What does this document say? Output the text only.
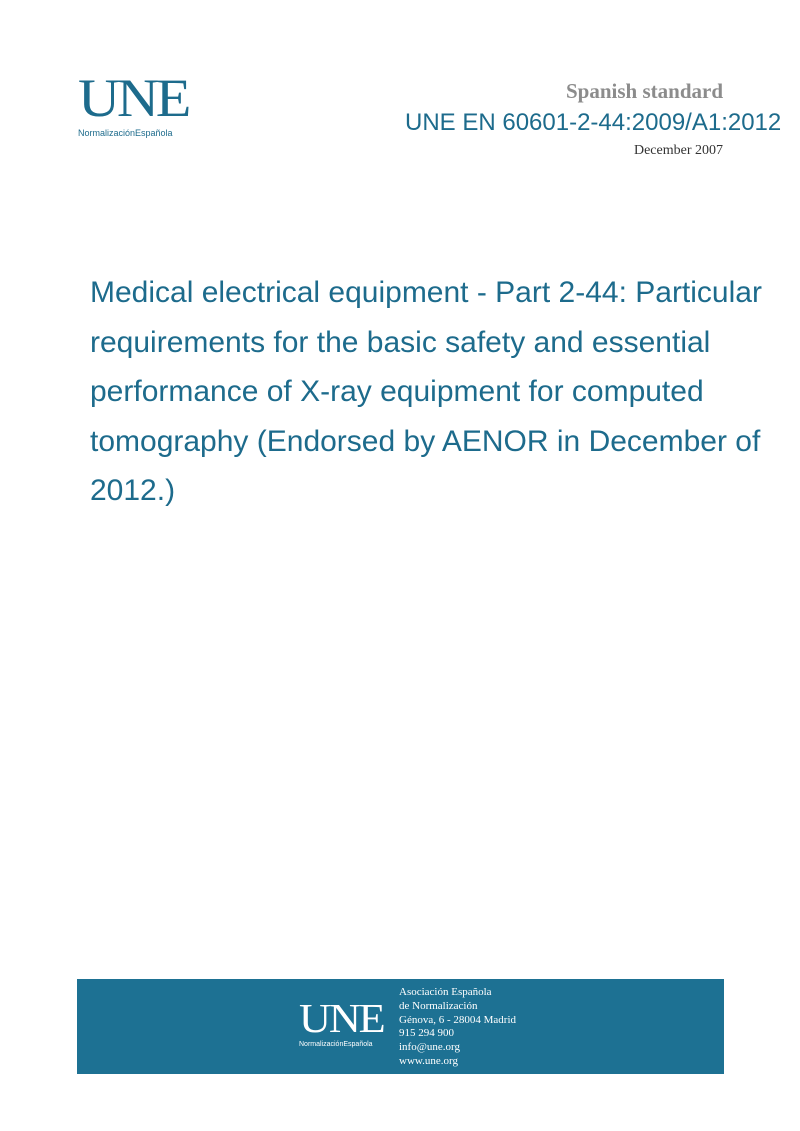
UNE
NormalizaciónEspañola
Spanish standard
UNE EN 60601-2-44:2009/A1:2012
December 2007
Medical electrical equipment - Part 2-44: Particular requirements for the basic safety and essential performance of X-ray equipment for computed tomography (Endorsed by AENOR in December of 2012.)
UNE
NormalizaciónEspañola
Asociación Española
de Normalización
Génova, 6 - 28004 Madrid
915 294 900
info@une.org
www.une.org
